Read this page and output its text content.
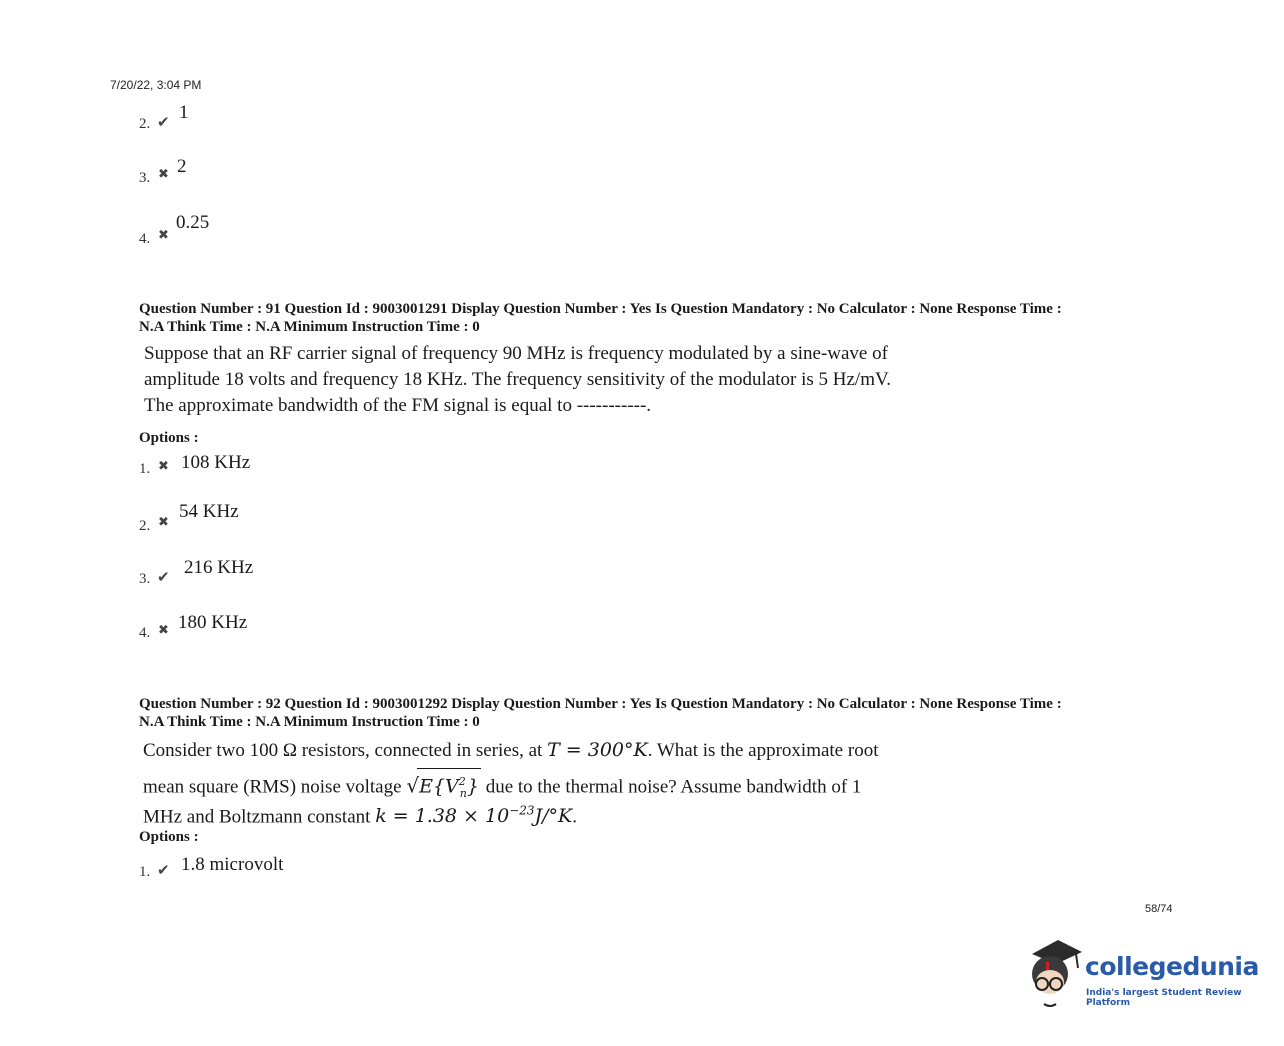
7/20/22, 3:04 PM
2. ✔ 1
3. ✖ 2
4. ✖
0.25
Question Number : 91 Question Id : 9003001291 Display Question Number : Yes Is Question Mandatory : No Calculator : None Response Time :
N.A Think Time : N.A Minimum Instruction Time : 0
Suppose that an RF carrier signal of frequency 90 MHz is frequency modulated by a sine-wave of
amplitude 18 volts and frequency 18 KHz. The frequency sensitivity of the modulator is 5 Hz/mV.
The approximate bandwidth of the FM signal is equal to -----------.
Options :
1. ✖ 108 KHz
2. ✖
54 KHz
3. ✔ 216 KHz
4. ✖ 180 KHz
Question Number : 92 Question Id : 9003001292 Display Question Number : Yes Is Question Mandatory : No Calculator : None Response Time :
N.A Think Time : N.A Minimum Instruction Time : 0
Consider two 100 Ω resistors, connected in series, at T = 300°K. What is the approximate root
mean square (RMS) noise voltage $√E\{V^2_n\}$ due to the thermal noise? Assume bandwidth of 1
MHz and Boltzmann constant $k = 1.38 \times 10^{-23}J/^\circ K$.
Options :
1. ✔ 1.8 microvolt
58/74
collegedunia
India's largest Student Review Platform
